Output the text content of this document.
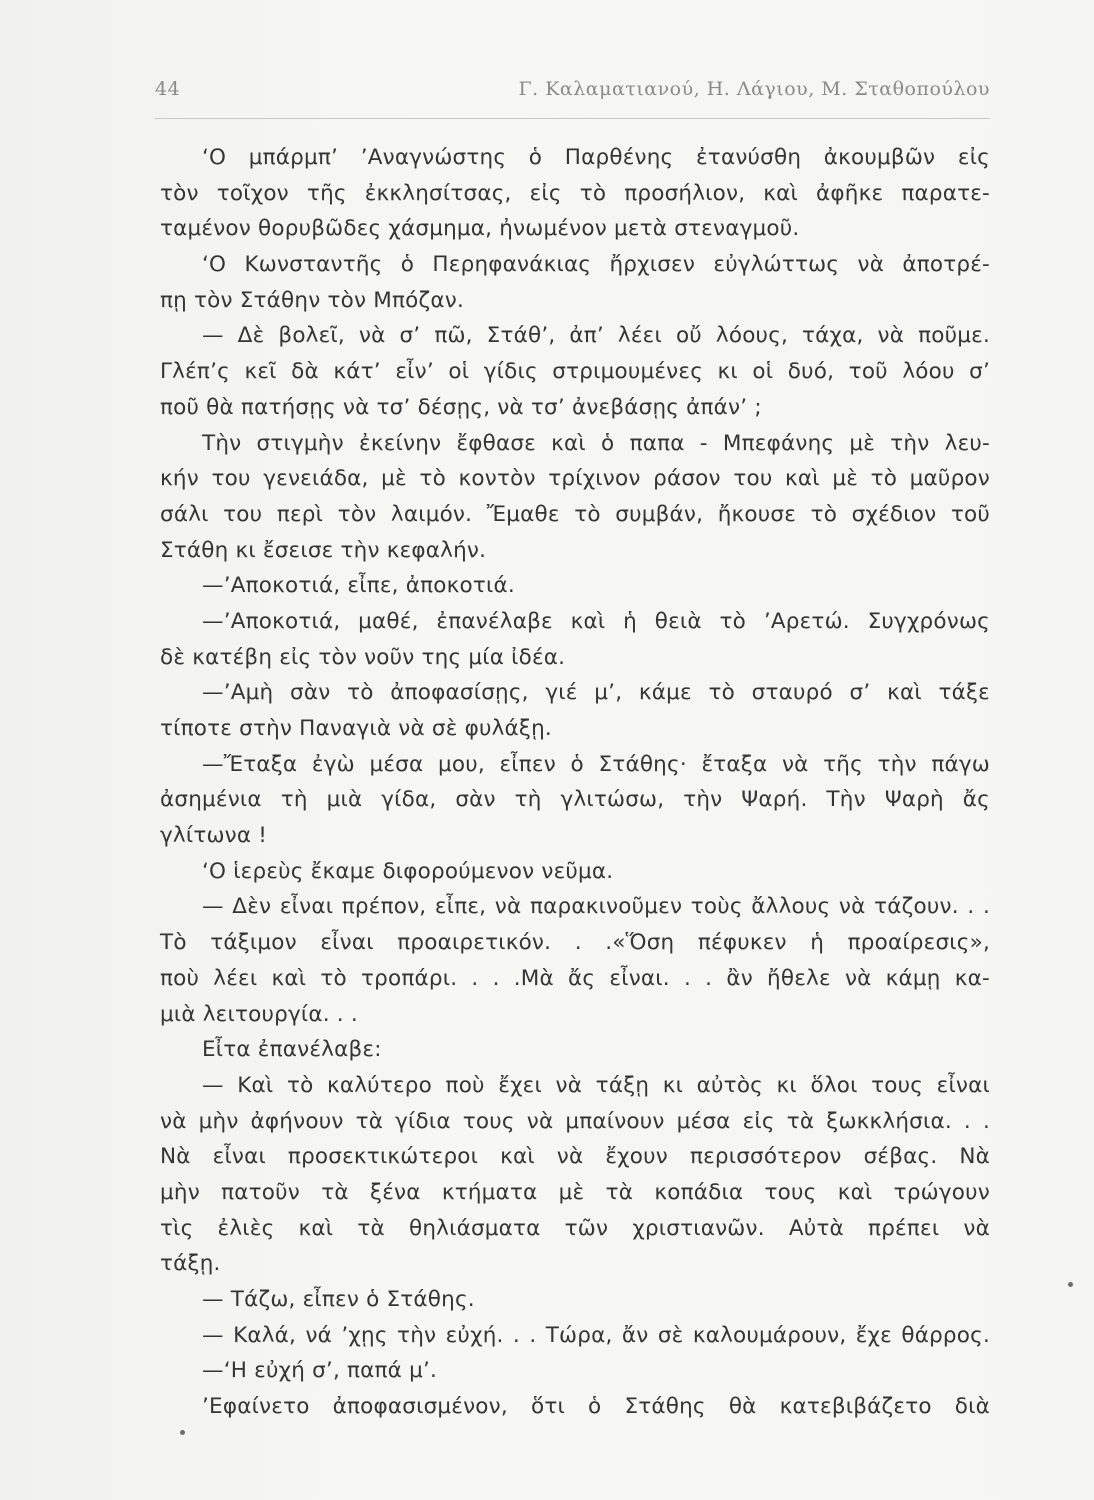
44	Γ. Καλαματιανού, Η. Λάγιου, Μ. Σταθοπούλου
‘Ο μπάρμπ’ ’Αναγνώστης ὁ Παρθένης ἐτανύσθη ἀκουμβῶν εἰς
τὸν τοῖχον τῆς ἐκκλησίτσας, εἰς τὸ προσήλιον, καὶ ἀφῆκε παρατε-
ταμένον θορυβῶδες χάσμημα, ἠνωμένον μετὰ στεναγμοῦ.
‘Ο Κωνσταντῆς ὁ Περηφανάκιας ἤρχισεν εὐγλώττως νὰ ἀποτρέ-
πῃ τὸν Στάθην τὸν Μπόζαν.
— Δὲ βολεῖ, νὰ σ’ πῶ, Στάθ’, ἀπ’ λέει οὔ λόους, τάχα, νὰ ποῦμε.
Γλέπ’ς κεῖ δὰ κάτ’ εἶν’ οἱ γίδις στριμουμένες κι οἱ δυό, τοῦ λόου σ’
ποῦ θὰ πατήσῃς νὰ τσ’ δέσῃς, νὰ τσ’ ἀνεβάσῃς ἀπάν’ ;
Τὴν στιγμὴν ἐκείνην ἔφθασε καὶ ὁ παπα - Μπεφάνης μὲ τὴν λευ-
κήν του γενειάδα, μὲ τὸ κοντὸν τρίχινον ράσον του καὶ μὲ τὸ μαῦρον
σάλι του περὶ τὸν λαιμόν. Ἔμαθε τὸ συμβάν, ἤκουσε τὸ σχέδιον τοῦ
Στάθη κι ἔσεισε τὴν κεφαλήν.
—’Αποκοτιά, εἶπε, ἀποκοτιά.
—’Αποκοτιά, μαθέ, ἐπανέλαβε καὶ ἡ θειὰ τὸ ’Αρετώ. Συγχρόνως
δὲ κατέβη εἰς τὸν νοῦν της μία ἰδέα.
—’Αμὴ σὰν τὸ ἀποφασίσῃς, γιέ μ’, κάμε τὸ σταυρό σ’ καὶ τάξε
τίποτε στὴν Παναγιὰ νὰ σὲ φυλάξῃ.
—Ἔταξα ἐγὼ μέσα μου, εἶπεν ὁ Στάθης· ἔταξα νὰ τῆς τὴν πάγω
ἀσημένια τὴ μιὰ γίδα, σὰν τὴ γλιτώσω, τὴν Ψαρή. Τὴν Ψαρὴ ἄς
γλίτωνα !
‘Ο ἱερεὺς ἔκαμε διφορούμενον νεῦμα.
— Δὲν εἶναι πρέπον, εἶπε, νὰ παρακινοῦμεν τοὺς ἄλλους νὰ τάζουν. . .
Τὸ τάξιμον εἶναι προαιρετικόν. . .«Ὅση πέφυκεν ἡ προαίρεσις»,
ποὺ λέει καὶ τὸ τροπάρι. . . .Μὰ ἄς εἶναι. . . ἂν ἤθελε νὰ κάμῃ κα-
μιὰ λειτουργία. . .
Εἶτα ἐπανέλαβε:
— Καὶ τὸ καλύτερο ποὺ ἔχει νὰ τάξῃ κι αὐτὸς κι ὅλοι τους εἶναι
νὰ μὴν ἀφήνουν τὰ γίδια τους νὰ μπαίνουν μέσα εἰς τὰ ξωκκλήσια. . .
Νὰ εἶναι προσεκτικώτεροι καὶ νὰ ἔχουν περισσότερον σέβας. Νὰ
μὴν πατοῦν τὰ ξένα κτήματα μὲ τὰ κοπάδια τους καὶ τρώγουν
τὶς ἐλιὲς καὶ τὰ θηλιάσματα τῶν χριστιανῶν. Αὐτὰ πρέπει νὰ
τάξῃ.
— Τάζω, εἶπεν ὁ Στάθης.
— Καλά, νά ’χῃς τὴν εὐχή. . . Τώρα, ἄν σὲ καλουμάρουν, ἔχε θάρρος.
—‘Η εὐχή σ’, παπά μ’.
’Εφαίνετο ἀποφασισμένον, ὅτι ὁ Στάθης θὰ κατεβιβάζετο διὰ
